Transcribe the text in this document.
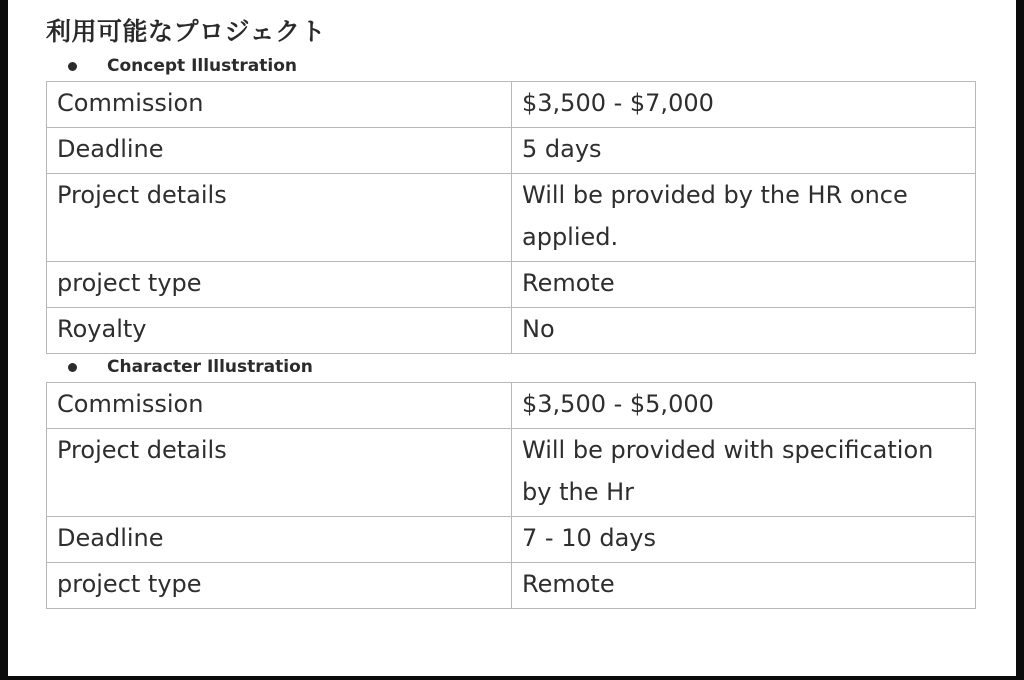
利用可能なプロジェクト
Concept Illustration
Commission	$3,500 - $7,000
Deadline	5 days
Project details	Will be provided by the HR once applied.
project type	Remote
Royalty	No
Character Illustration
Commission	$3,500 - $5,000
Project details	Will be provided with specification by the Hr
Deadline	7 - 10 days
project type	Remote
